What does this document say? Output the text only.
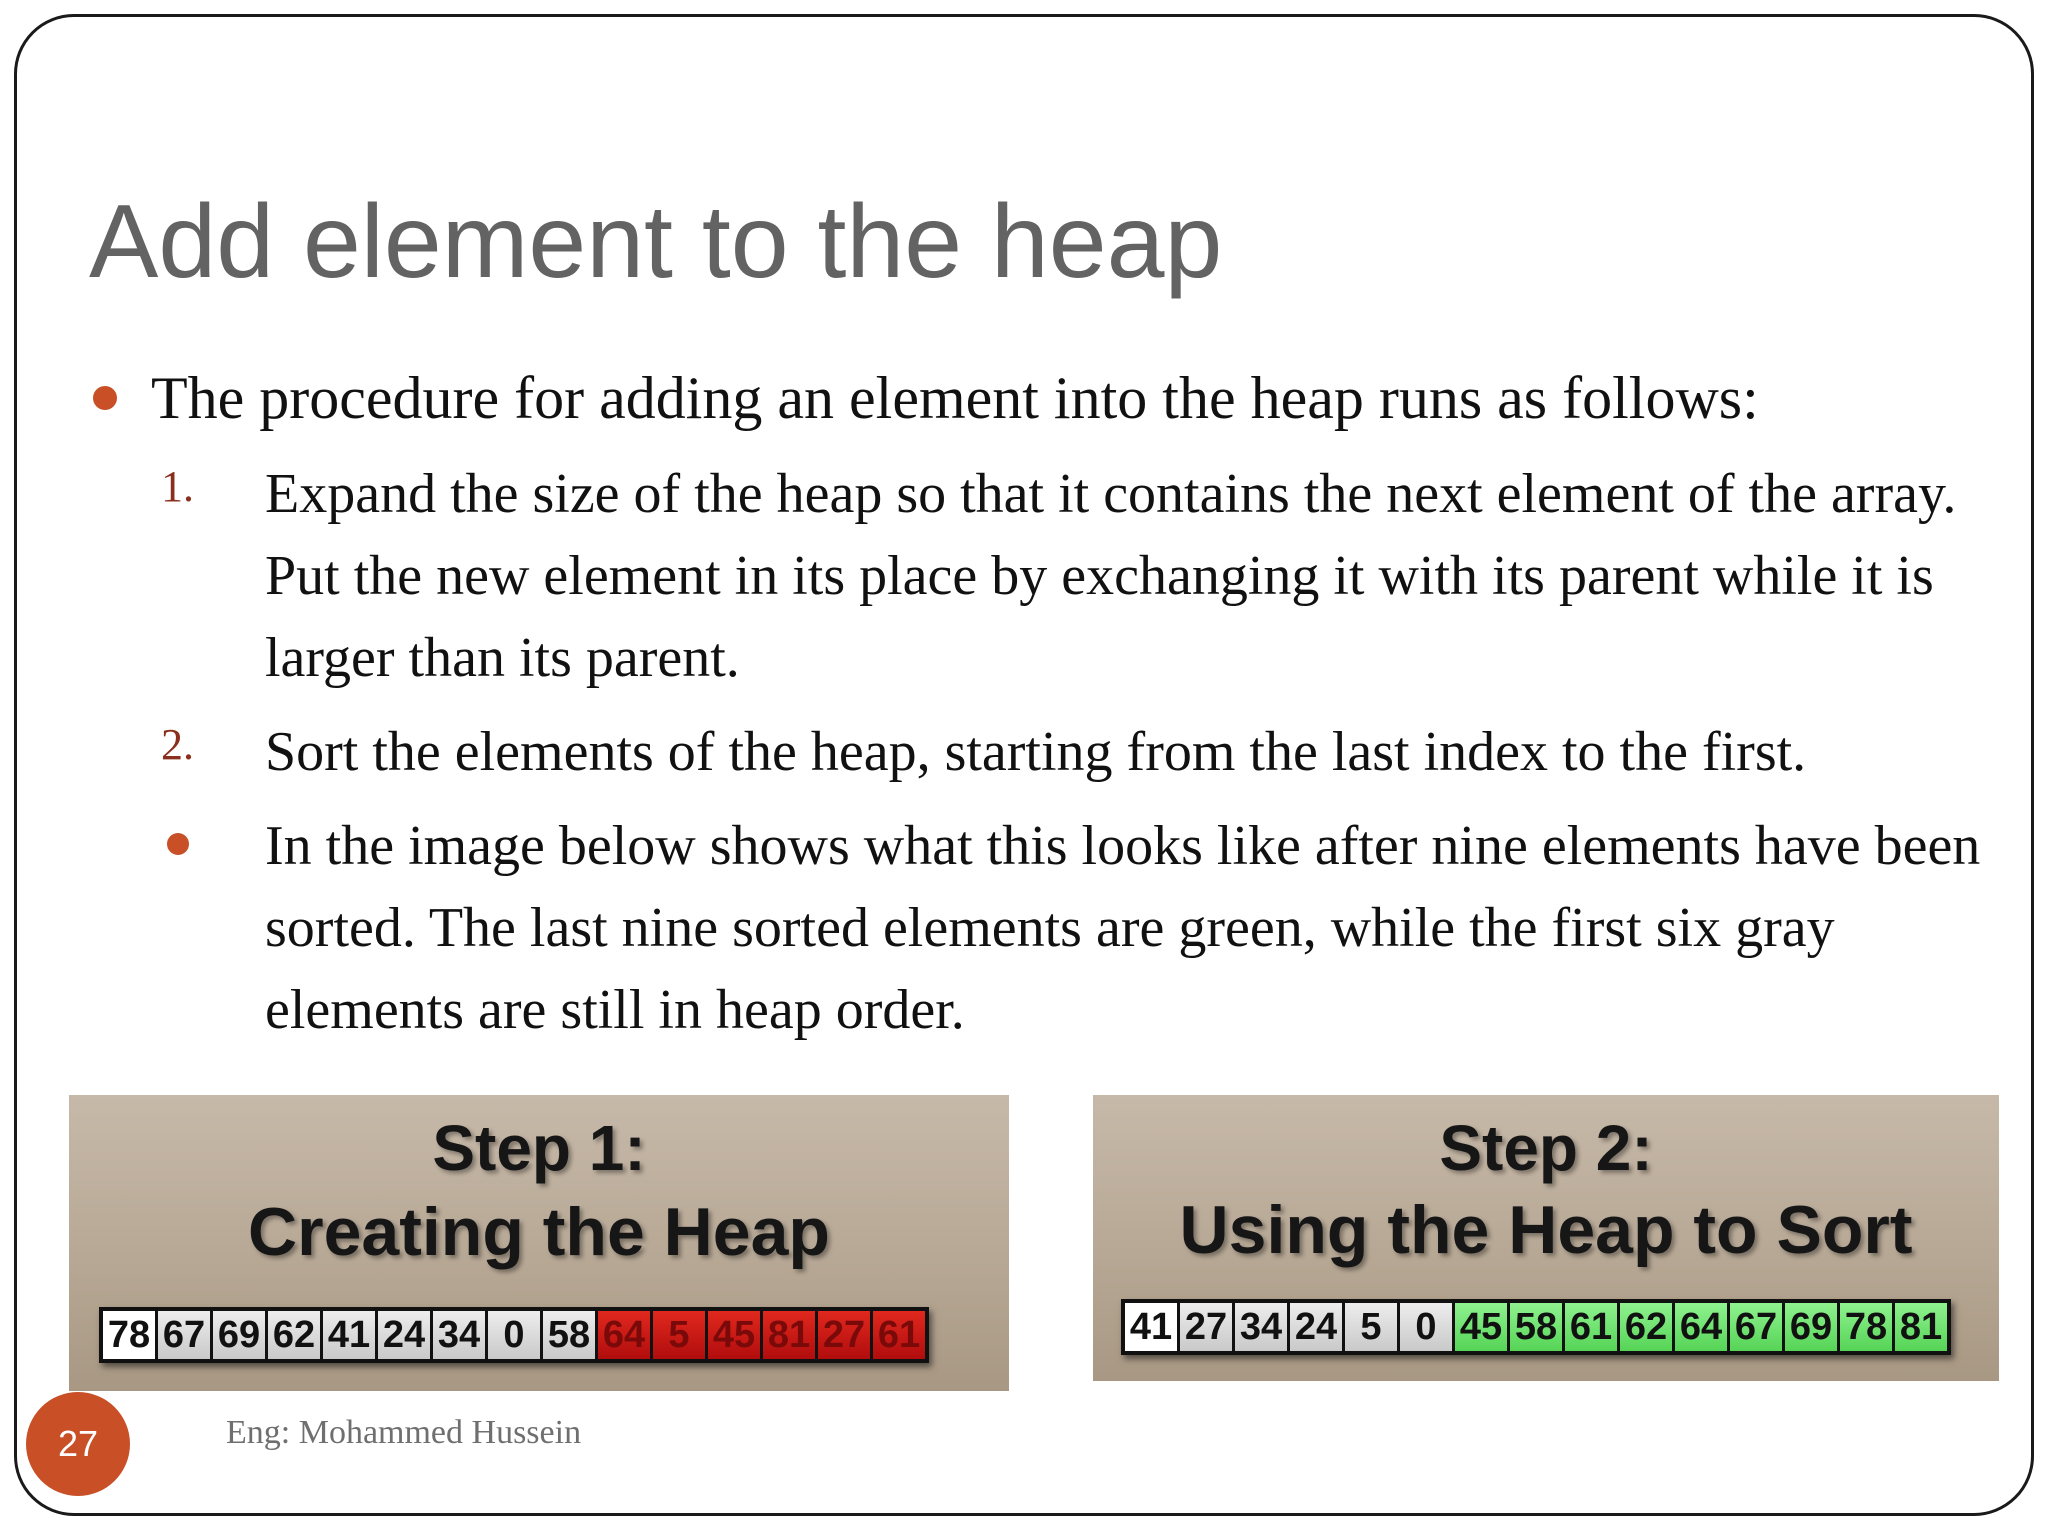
Add element to the heap
The procedure for adding an element into the heap runs as follows:
1. Expand the size of the heap so that it contains the next element of the array. Put the new element in its place by exchanging it with its parent while it is larger than its parent.
2. Sort the elements of the heap, starting from the last index to the first.
In the image below shows what this looks like after nine elements have been sorted. The last nine sorted elements are green, while the first six gray elements are still in heap order.
Step 1:
Creating the Heap
78 67 69 62 41 24 34 0 58 64 5 45 81 27 61
Step 2:
Using the Heap to Sort
41 27 34 24 5 0 45 58 61 62 64 67 69 78 81
27	Eng: Mohammed Hussein
